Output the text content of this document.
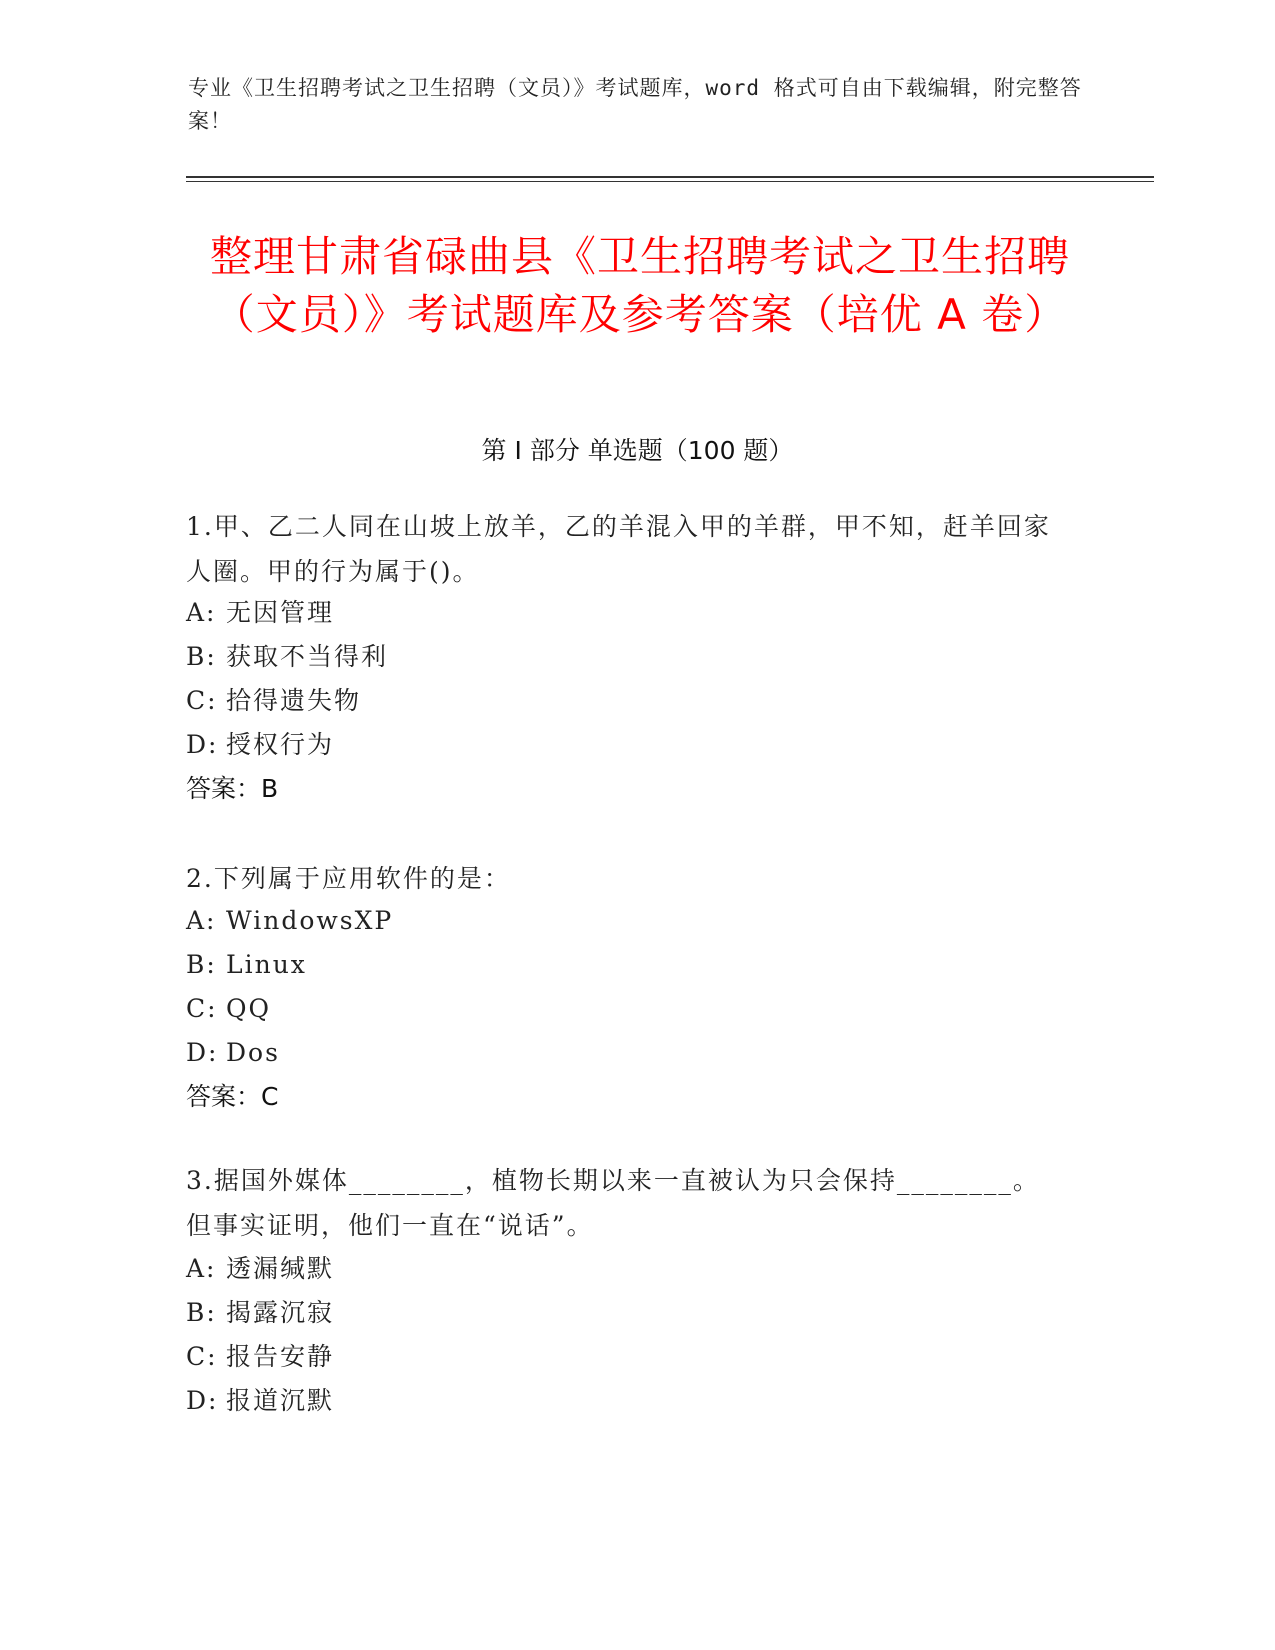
专业《卫生招聘考试之卫生招聘（文员）》考试题库，word 格式可自由下载编辑，附完整答案！
整理甘肃省碌曲县《卫生招聘考试之卫生招聘（文员）》考试题库及参考答案（培优 A 卷）
第 I 部分 单选题（100 题）
1.甲、乙二人同在山坡上放羊，乙的羊混入甲的羊群，甲不知，赶羊回家人圈。甲的行为属于()。
A: 无因管理
B: 获取不当得利
C: 拾得遗失物
D: 授权行为
答案：B
2.下列属于应用软件的是：
A: WindowsXP
B: Linux
C: QQ
D: Dos
答案：C
3.据国外媒体________，植物长期以来一直被认为只会保持________。但事实证明，他们一直在“说话”。
A: 透漏缄默
B: 揭露沉寂
C: 报告安静
D: 报道沉默
